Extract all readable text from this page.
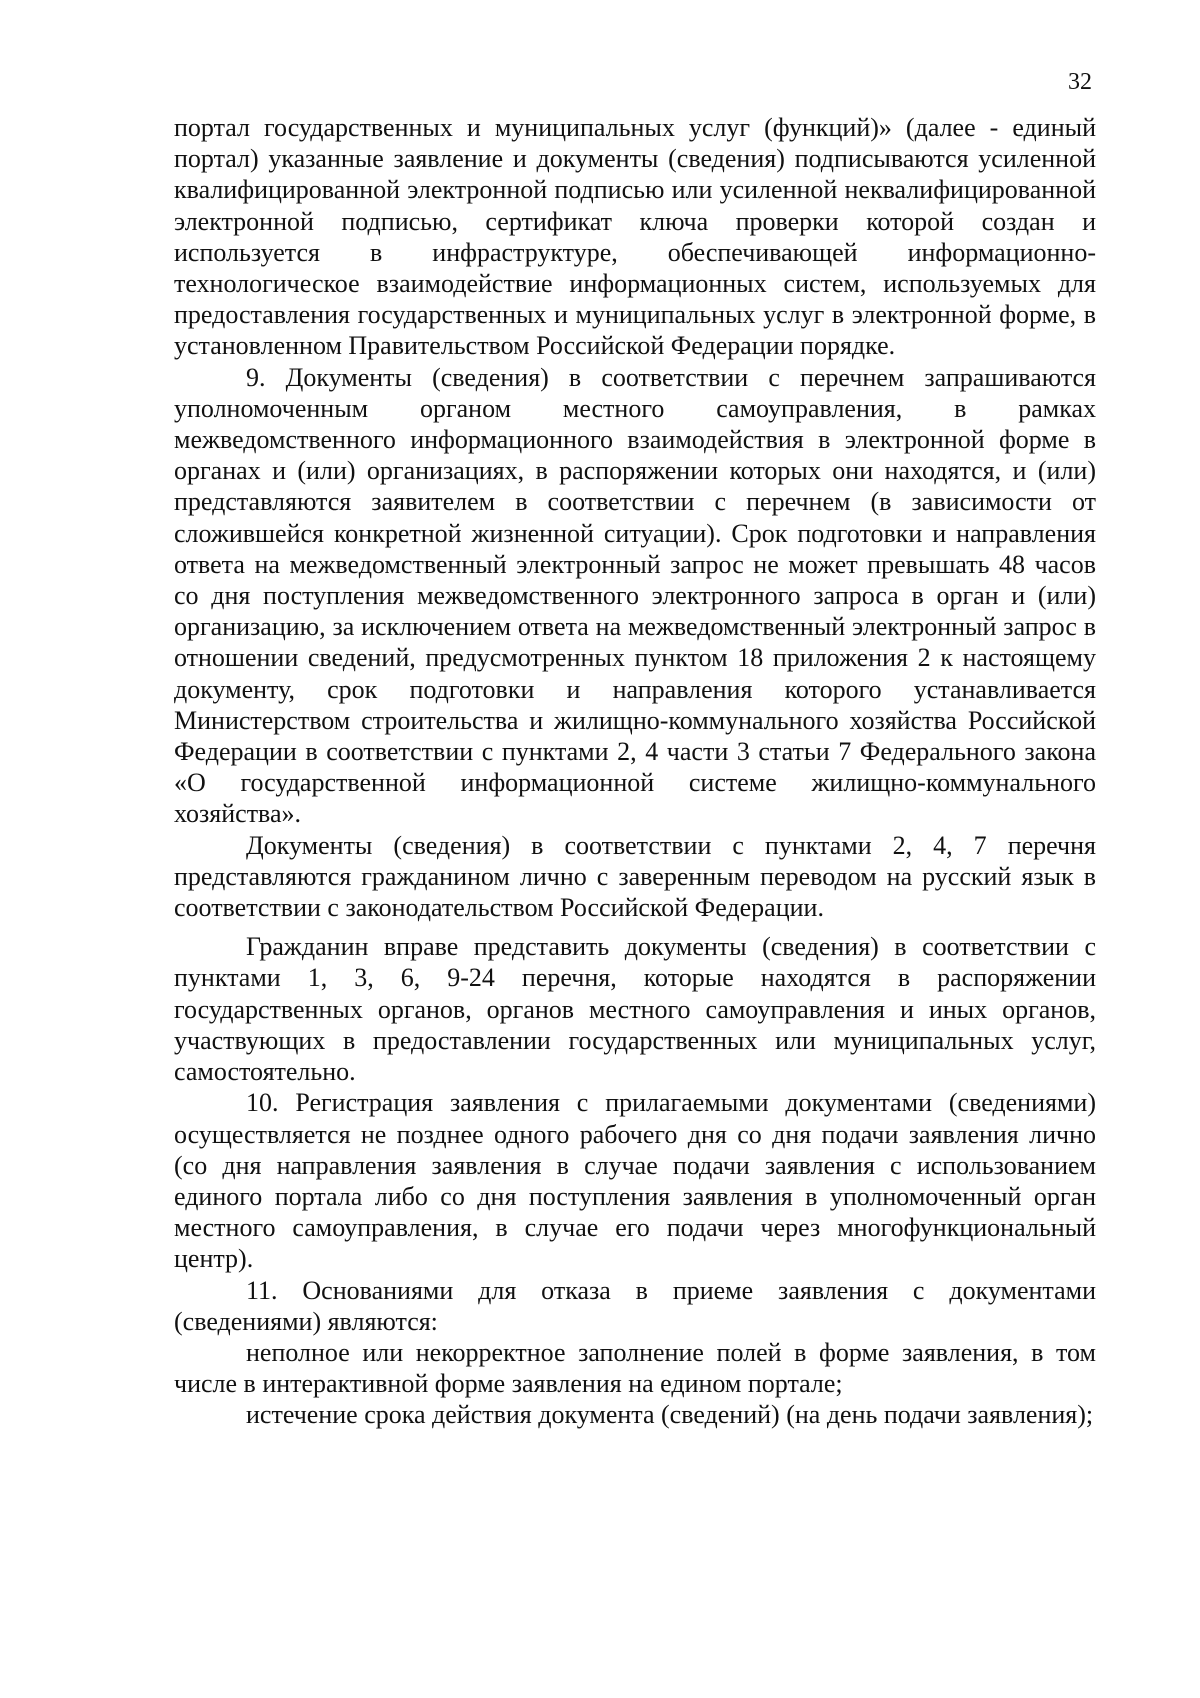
32

портал государственных и муниципальных услуг (функций)» (далее - единый портал) указанные заявление и документы (сведения) подписываются усиленной квалифицированной электронной подписью или усиленной неквалифицированной электронной подписью, сертификат ключа проверки которой создан и используется в инфраструктуре, обеспечивающей информационно-технологическое взаимодействие информационных систем, используемых для предоставления государственных и муниципальных услуг в электронной форме, в установленном Правительством Российской Федерации порядке.

9. Документы (сведения) в соответствии с перечнем запрашиваются уполномоченным органом местного самоуправления, в рамках межведомственного информационного взаимодействия в электронной форме в органах и (или) организациях, в распоряжении которых они находятся, и (или) представляются заявителем в соответствии с перечнем (в зависимости от сложившейся конкретной жизненной ситуации). Срок подготовки и направления ответа на межведомственный электронный запрос не может превышать 48 часов со дня поступления межведомственного электронного запроса в орган и (или) организацию, за исключением ответа на межведомственный электронный запрос в отношении сведений, предусмотренных пунктом 18 приложения 2 к настоящему документу, срок подготовки и направления которого устанавливается Министерством строительства и жилищно-коммунального хозяйства Российской Федерации в соответствии с пунктами 2, 4 части 3 статьи 7 Федерального закона «О государственной информационной системе жилищно-коммунального хозяйства».

Документы (сведения) в соответствии с пунктами 2, 4, 7 перечня представляются гражданином лично с заверенным переводом на русский язык в соответствии с законодательством Российской Федерации.

Гражданин вправе представить документы (сведения) в соответствии с пунктами 1, 3, 6, 9-24 перечня, которые находятся в распоряжении государственных органов, органов местного самоуправления и иных органов, участвующих в предоставлении государственных или муниципальных услуг, самостоятельно.

10. Регистрация заявления с прилагаемыми документами (сведениями) осуществляется не позднее одного рабочего дня со дня подачи заявления лично (со дня направления заявления в случае подачи заявления с использованием единого портала либо со дня поступления заявления в уполномоченный орган местного самоуправления, в случае его подачи через многофункциональный центр).

11. Основаниями для отказа в приеме заявления с документами (сведениями) являются:

неполное или некорректное заполнение полей в форме заявления, в том числе в интерактивной форме заявления на едином портале;

истечение срока действия документа (сведений) (на день подачи заявления);
